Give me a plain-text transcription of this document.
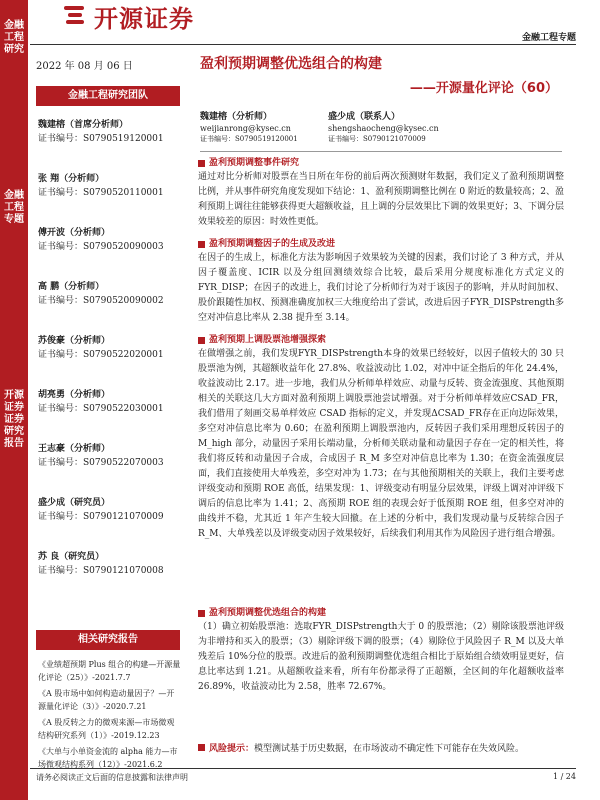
金融工程研究
金融工程专题
开源证券 证券研究报告
开源证券
金融工程专题
2022 年 08 月 06 日	盈利预期调整优选组合的构建
——开源量化评论（60）
金融工程研究团队
魏建榕（首席分析师）
证书编号：S0790519120001
张 翔（分析师）
证书编号：S0790520110001
傅开波（分析师）
证书编号：S0790520090003
高 鹏（分析师）
证书编号：S0790520090002
苏俊豪（分析师）
证书编号：S0790522020001
胡亮勇（分析师）
证书编号：S0790522030001
王志豪（分析师）
证书编号：S0790522070003
盛少成（研究员）
证书编号：S0790121070009
苏 良（研究员）
证书编号：S0790121070008
相关研究报告
《业绩超预期 Plus 组合的构建—开源量化评论（25）》-2021.7.7
《A 股市场中如何构造动量因子？—开源量化评论（3）》-2020.7.21
《A 股反转之力的微观来源—市场微观结构研究系列（1）》-2019.12.23
《大单与小单资金流的 alpha 能力—市场微观结构系列（12）》-2021.6.2
魏建榕（分析师）
weijianrong@kysec.cn
证书编号：S0790519120001
盛少成（联系人）
shengshaocheng@kysec.cn
证书编号：S0790121070009
盈利预期调整事件研究
通过对比分析师对股票在当日所在年份的前后两次预测财年数据，我们定义了盈利预期调整比例，并从事件研究角度发现如下结论：1、盈利预期调整比例在 0 附近的数量较高；2、盈利预期上调往往能够获得更大超额收益，且上调的分层效果比下调的效果更好；3、下调分层效果较差的原因：时效性更低。
盈利预期调整因子的生成及改进
在因子的生成上，标准化方法为影响因子效果较为关键的因素，我们讨论了 3 种方式，并从因子覆盖度、ICIR 以及分组回测绩效综合比较，最后采用分规度标准化方式定义的 FYR_DISP；在因子的改进上，我们讨论了分析师行为对于该因子的影响，并从时间加权、股价跟随性加权、预测准确度加权三大维度给出了尝试，改进后因子FYR_DISPstrength多空对冲信息比率从 2.38 提升至 3.14。
盈利预期上调股票池增强探索
在做增强之前，我们发现FYR_DISPstrength本身的效果已经较好，以因子值较大的 30 只股票池为例，其超额收益年化 27.8%、收益波动比 1.02，对冲中证全指后的年化 24.4%，收益波动比 2.17。进一步地，我们从分析师单样效应、动量与反转、资金流强度、其他预期相关的关联这几大方面对盈利预期上调股票池尝试增强。对于分析师单样效应CSAD_FR，我们借用了刻画交易单样效应 CSAD 指标的定义，并发现ΔCSAD_FR存在正向边际效果，多空对冲信息比率为 0.60；在盈利预期上调股票池内，反转因子我们采用理想反转因子的 M_high 部分，动量因子采用长端动量，分析师关联动量和动量因子存在一定的相关性，将我们将反转和动量因子合成，合成因子 R_M 多空对冲信息比率为 1.30；在资金流强度层面，我们直接使用大单残差，多空对冲为 1.73；在与其他预期相关的关联上，我们主要考虑评级变动和预期 ROE 高低，结果发现：1、评级变动有明显分层效果，评级上调对冲评级下调后的信息比率为 1.41；2、高预期 ROE 组的表现会好于低预期 ROE 组，但多空对冲的曲线并不稳，尤其近 1 年产生较大回撤。在上述的分析中，我们发现动量与反转综合因子 R_M、大单残差以及评级变动因子效果较好，后续我们利用其作为风险因子进行组合增强。
盈利预期调整优选组合的构建
（1）确立初始股票池：选取FYR_DISPstrength大于 0 的股票池；（2）剔除该股票池评级为非增持和买入的股票；（3）剔除评级下调的股票；（4）剔除位于风险因子 R_M 以及大单残差后 10%分位的股票。改进后的盈利预期调整优选组合相比于原始组合绩效明显更好，信息比率达到 1.21。从超额收益来看，所有年份都录得了正超额，全区间的年化超额收益率 26.89%，收益波动比为 2.58，胜率 72.67%。
风险提示：模型测试基于历史数据，在市场波动不确定性下可能存在失效风险。
请务必阅读正文后面的信息披露和法律声明	1 / 24
